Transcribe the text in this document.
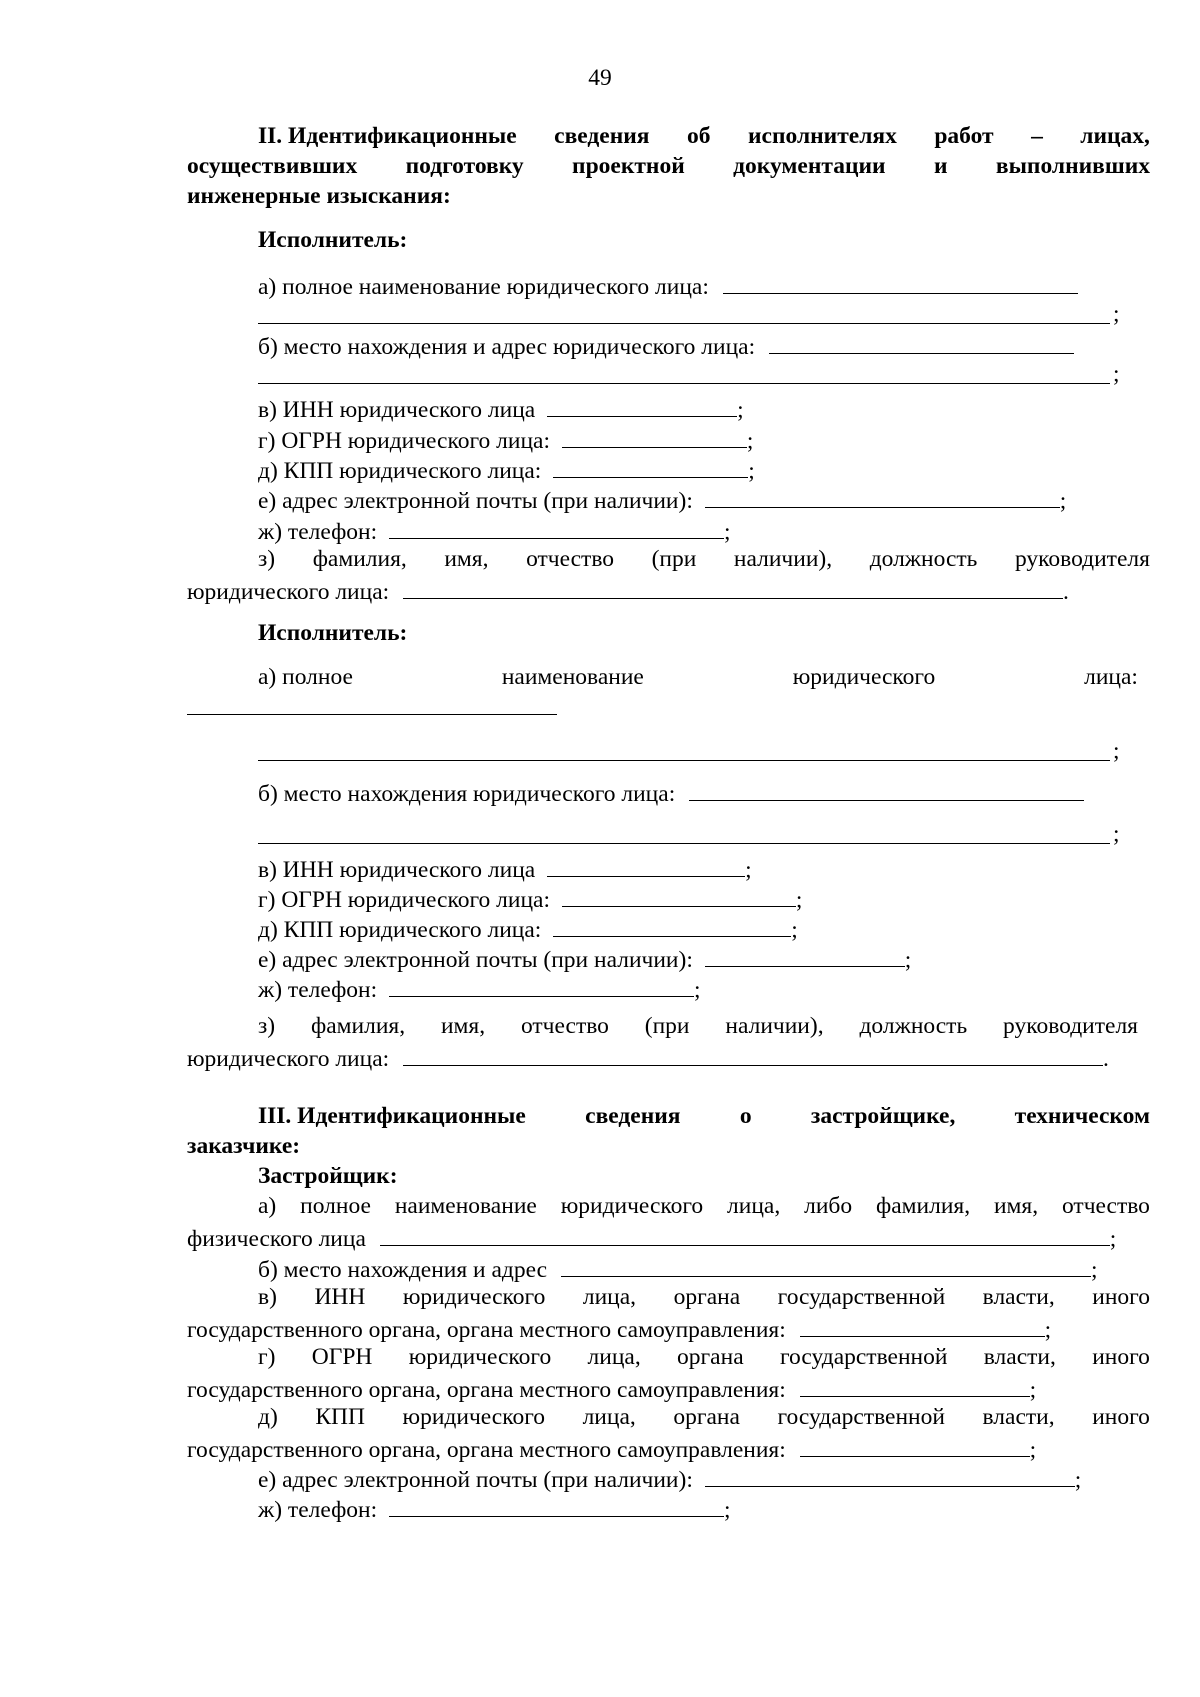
49
II. Идентификационные сведения об исполнителях работ – лицах,
осуществивших подготовку проектной документации и выполнивших
инженерные изыскания:
Исполнитель:
а) полное наименование юридического лица:
;
б) место нахождения и адрес юридического лица:
;
в) ИНН юридического лица	;
г) ОГРН юридического лица:	;
д) КПП юридического лица:	;
е) адрес электронной почты (при наличии):	;
ж) телефон:	;
з) фамилия, имя, отчество (при наличии), должность руководителя
юридического лица:	.
Исполнитель:
а) полное	наименование	юридического	лица:
;
б) место нахождения юридического лица:
;
в) ИНН юридического лица	;
г) ОГРН юридического лица:	;
д) КПП юридического лица:	;
е) адрес электронной почты (при наличии):	;
ж) телефон:	;
з) фамилия, имя, отчество (при наличии), должность руководителя
юридического лица:	.
III. Идентификационные	сведения	о	застройщике,	техническом
заказчике:
Застройщик:
а) полное наименование юридического лица, либо фамилия, имя, отчество
физического лица	;
б) место нахождения и адрес	;
в) ИНН юридического лица, органа государственной власти, иного
государственного органа, органа местного самоуправления:	;
г) ОГРН юридического лица, органа государственной власти, иного
государственного органа, органа местного самоуправления:	;
д) КПП юридического лица, органа государственной власти, иного
государственного органа, органа местного самоуправления:	;
е) адрес электронной почты (при наличии):	;
ж) телефон:	;
